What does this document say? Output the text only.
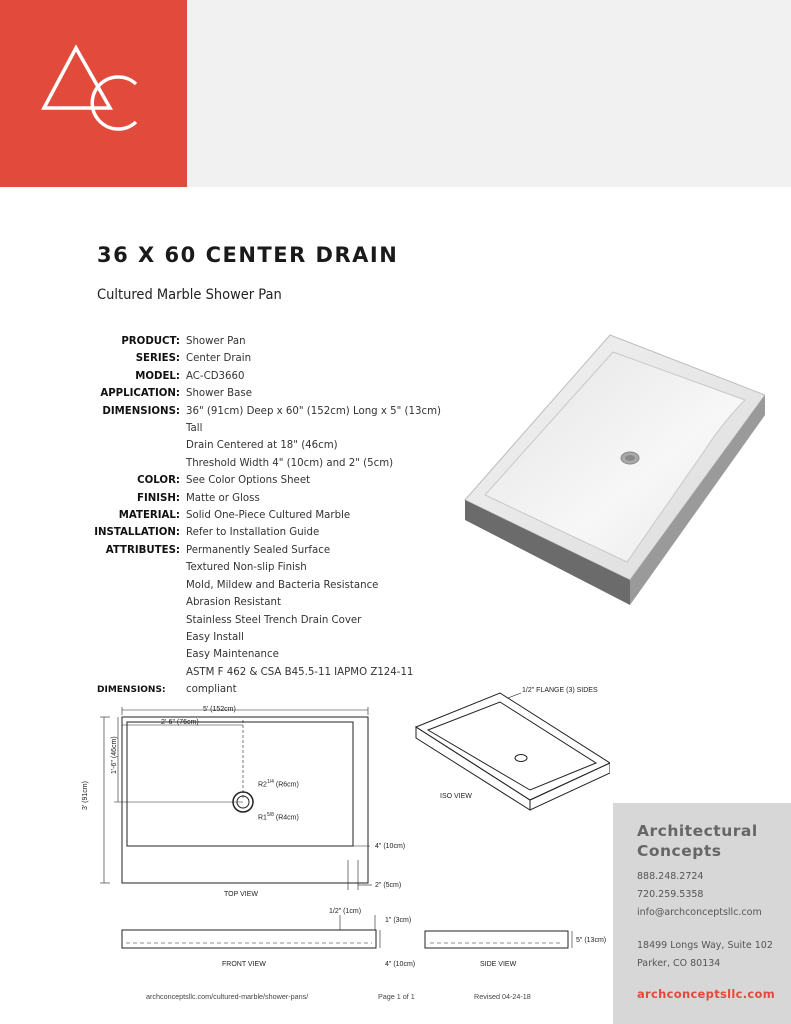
36 X 60 CENTER DRAIN
Cultured Marble Shower Pan
PRODUCT: Shower Pan
SERIES: Center Drain
MODEL: AC-CD3660
APPLICATION: Shower Base
DIMENSIONS: 36" (91cm) Deep x 60" (152cm) Long x 5" (13cm) Tall
Drain Centered at 18" (46cm)
Threshold Width 4" (10cm) and 2" (5cm)
COLOR: See Color Options Sheet
FINISH: Matte or Gloss
MATERIAL: Solid One-Piece Cultured Marble
INSTALLATION: Refer to Installation Guide
ATTRIBUTES: Permanently Sealed Surface
Textured Non-slip Finish
Mold, Mildew and Bacteria Resistance
Abrasion Resistant
Stainless Steel Trench Drain Cover
Easy Install
Easy Maintenance
ASTM F 462 & CSA B45.5-11 IAPMO Z124-11 compliant
DIMENSIONS:
5' (152cm)
2'-6" (76cm)
3' (91cm)
1'-6" (46cm)
$R2^{1/4}$ (R6cm)
$R1^{5/8}$ (R4cm)
4" (10cm)
2" (5cm)
TOP VIEW
1/2" FLANGE (3) SIDES
ISO VIEW
1/2" (1cm)
1" (3cm)
4" (10cm)
FRONT VIEW
5" (13cm)
SIDE VIEW
Architectural
Concepts
888.248.2724
720.259.5358
info@archconceptsllc.com
18499 Longs Way, Suite 102
Parker, CO 80134
archconceptsllc.com
archconceptsllc.com/cultured-marble/shower-pans/	Page 1 of 1	Revised 04-24-18
